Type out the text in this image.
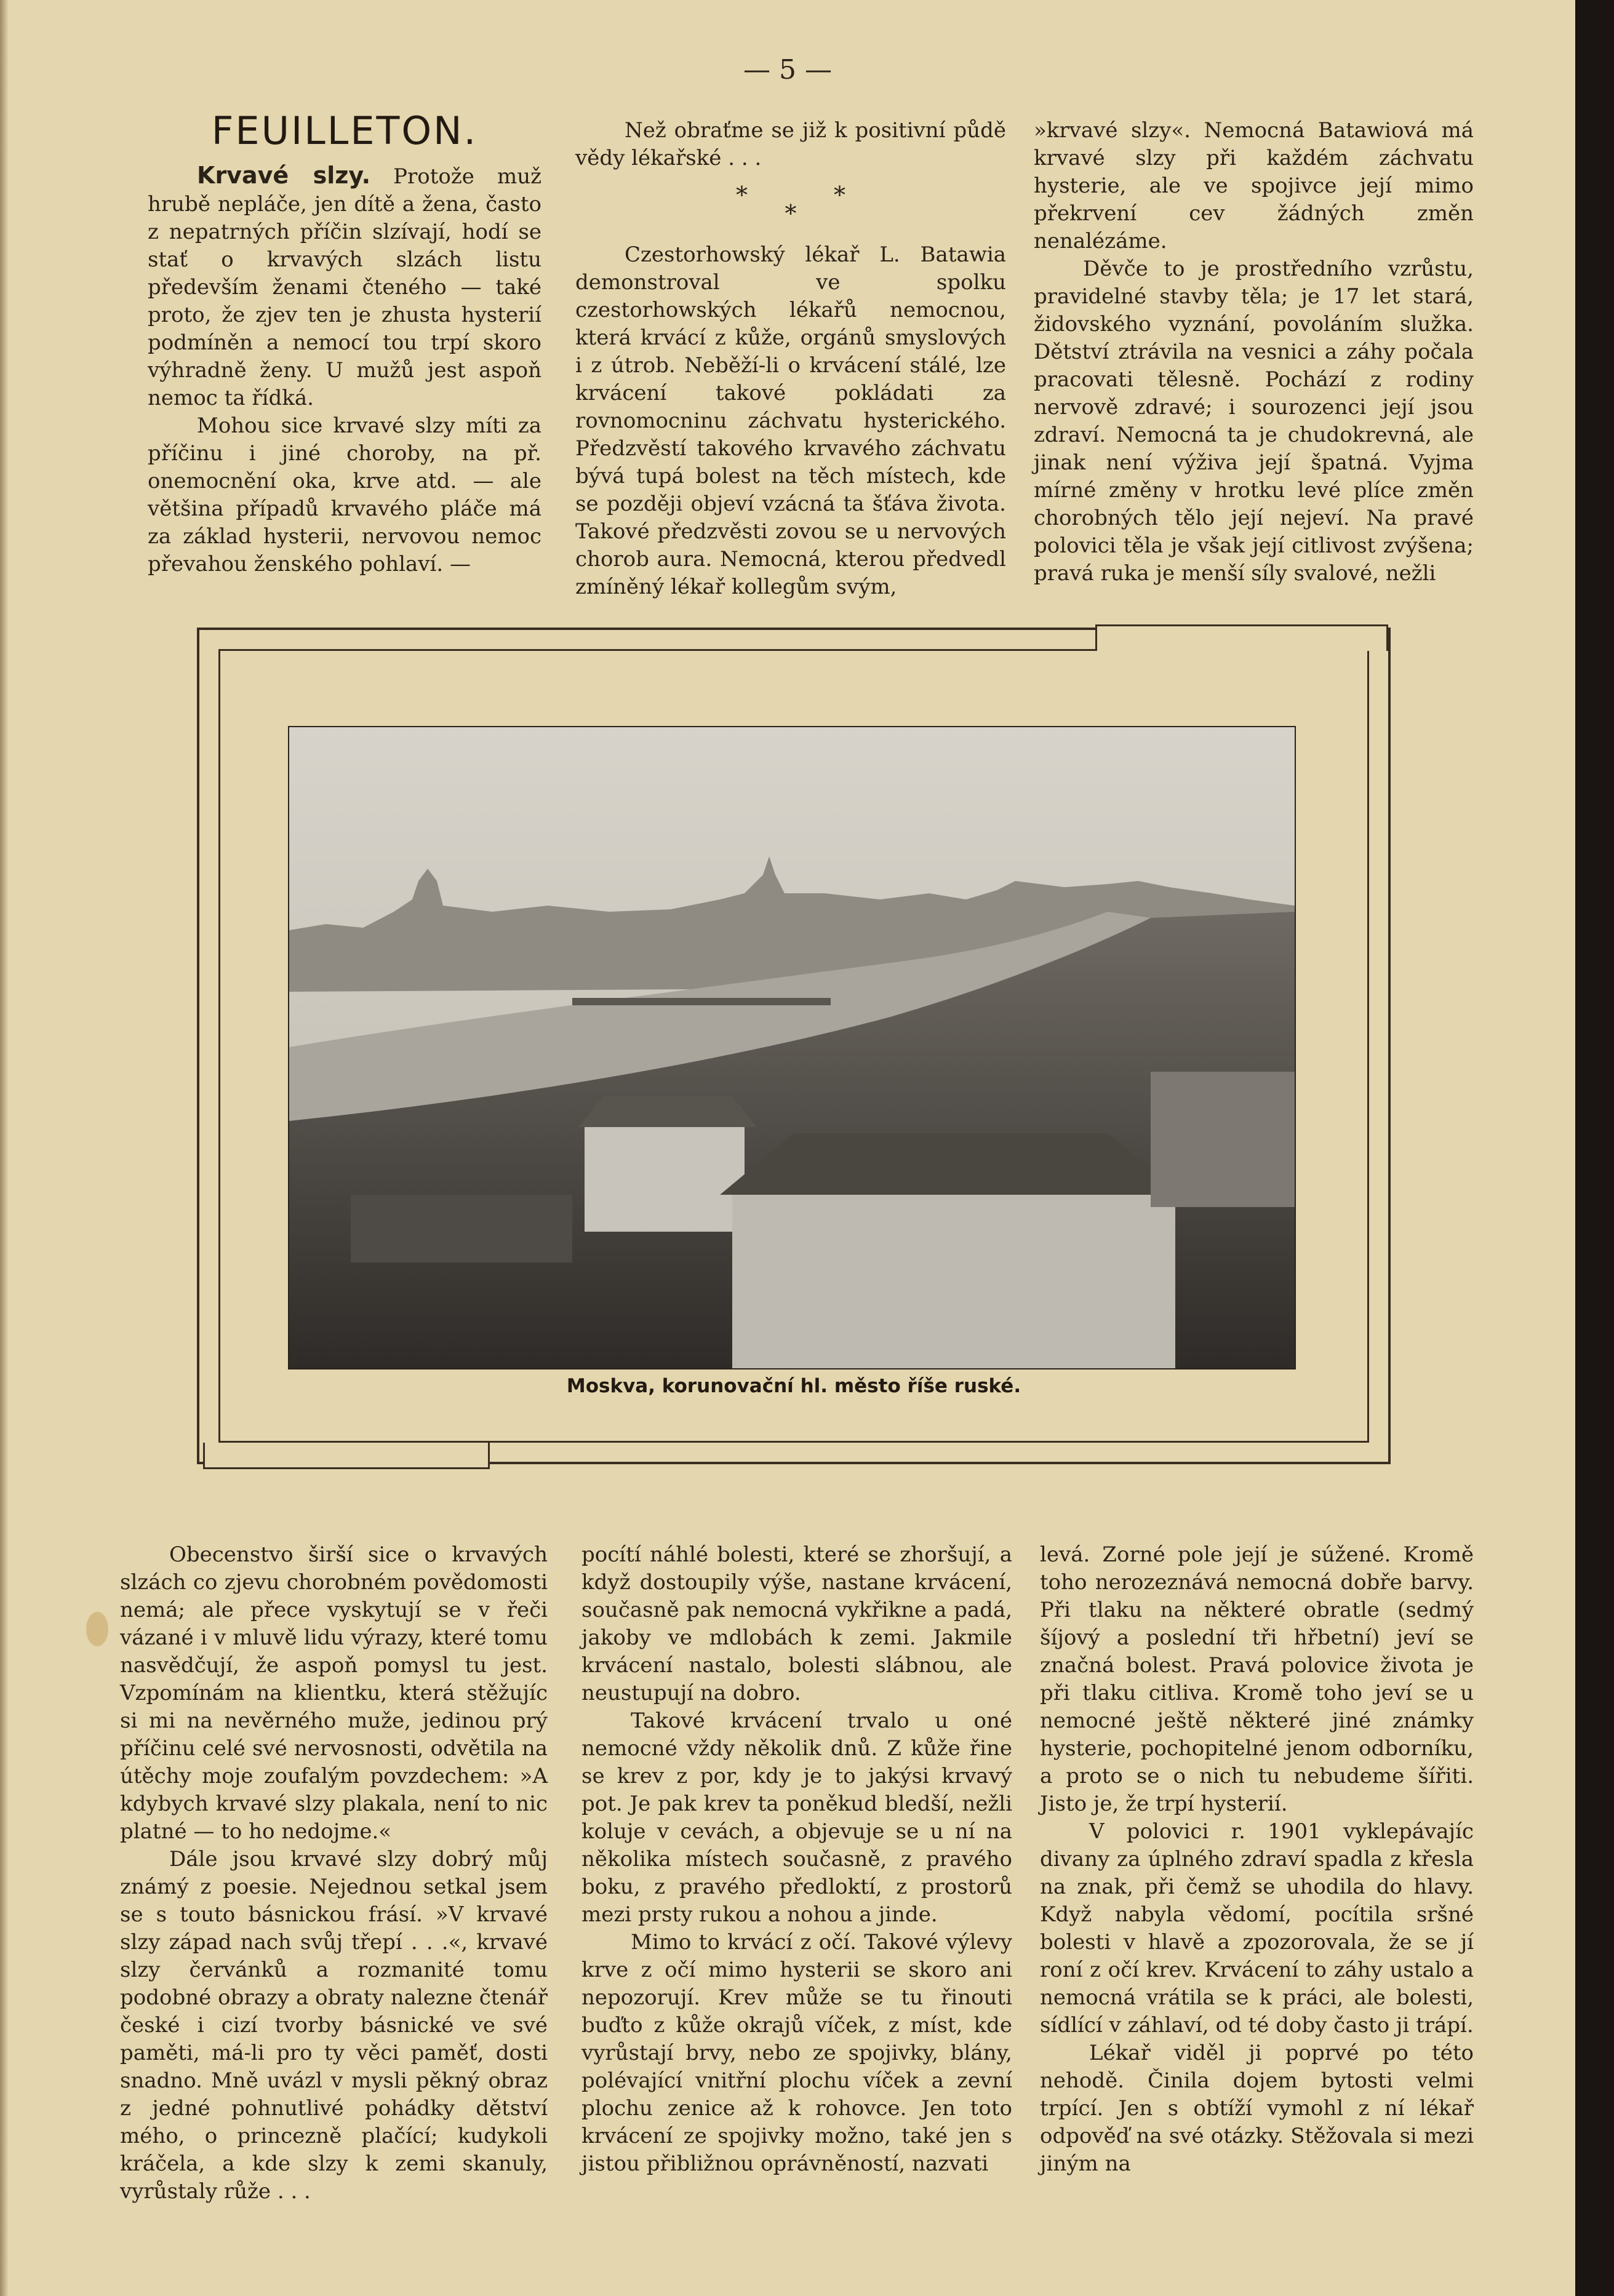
— 5 —
FEUILLETON.

Krvavé slzy. Protože muž hrubě nepláče, jen dítě a žena, často z nepatrných příčin slzívají, hodí se stať o krvavých slzách listu především ženami čteného — také proto, že zjev ten je zhusta hysterií podmíněn a nemocí tou trpí skoro výhradně ženy. U mužů jest aspoň nemoc ta řídká.

Mohou sice krvavé slzy míti za příčinu i jiné choroby, na př. onemocnění oka, krve atd. — ale většina případů krvavého pláče má za základ hysterii, nervovou nemoc převahou ženského pohlaví. —

Než obraťme se již k positivní půdě vědy lékařské . . .

*	*
*

Czestorhowský lékař L. Batawia demonstroval ve spolku czestorhowských lékařů nemocnou, která krvácí z kůže, orgánů smyslových i z útrob. Neběží-li o krvácení stálé, lze krvácení takové pokládati za rovnomocninu záchvatu hysterického. Předzvěstí takového krvavého záchvatu bývá tupá bolest na těch místech, kde se později objeví vzácná ta šťáva života. Takové předzvěsti zovou se u nervových chorob aura. Nemocná, kterou předvedl zmíněný lékař kollegům svým,

»krvavé slzy«. Nemocná Batawiová má krvavé slzy při každém záchvatu hysterie, ale ve spojivce její mimo překrvení cev žádných změn nenalézáme.

Děvče to je prostředního vzrůstu, pravidelné stavby těla; je 17 let stará, židovského vyznání, povoláním služka. Dětství ztrávila na vesnici a záhy počala pracovati tělesně. Pochází z rodiny nervově zdravé; i sourozenci její jsou zdraví. Nemocná ta je chudokrevná, ale jinak není výživa její špatná. Vyjma mírné změny v hrotku levé plíce změn chorobných tělo její nejeví. Na pravé polovici těla je však její citlivost zvýšena; pravá ruka je menší síly svalové, nežli

Moskva, korunovační hl. město říše ruské.

Obecenstvo širší sice o krvavých slzách co zjevu chorobném povědomosti nemá; ale přece vyskytují se v řeči vázané i v mluvě lidu výrazy, které tomu nasvědčují, že aspoň pomysl tu jest. Vzpomínám na klientku, která stěžujíc si mi na nevěrného muže, jedinou prý příčinu celé své nervosnosti, odvětila na útěchy moje zoufalým povzdechem: »A kdybych krvavé slzy plakala, není to nic platné — to ho nedojme.«

Dále jsou krvavé slzy dobrý můj známý z poesie. Nejednou setkal jsem se s touto básnickou frásí. »V krvavé slzy západ nach svůj třepí . . .«, krvavé slzy červánků a rozmanité tomu podobné obrazy a obraty nalezne čtenář české i cizí tvorby básnické ve své paměti, má-li pro ty věci paměť, dosti snadno. Mně uvázl v mysli pěkný obraz z jedné pohnutlivé pohádky dětství mého, o princezně plačící; kudykoli kráčela, a kde slzy k zemi skanuly, vyrůstaly růže . . .

pocítí náhlé bolesti, které se zhoršují, a když dostoupily výše, nastane krvácení, současně pak nemocná vykřikne a padá, jakoby ve mdlobách k zemi. Jakmile krvácení nastalo, bolesti slábnou, ale neustupují na dobro.

Takové krvácení trvalo u oné nemocné vždy několik dnů. Z kůže řine se krev z por, kdy je to jakýsi krvavý pot. Je pak krev ta poněkud bledší, nežli koluje v cevách, a objevuje se u ní na několika místech současně, z pravého boku, z pravého předloktí, z prostorů mezi prsty rukou a nohou a jinde.

Mimo to krvácí z očí. Takové výlevy krve z očí mimo hysterii se skoro ani nepozorují. Krev může se tu řinouti buďto z kůže okrajů víček, z míst, kde vyrůstají brvy, nebo ze spojivky, blány, polévající vnitřní plochu víček a zevní plochu zenice až k rohovce. Jen toto krvácení ze spojivky možno, také jen s jistou přibližnou oprávněností, nazvati

levá. Zorné pole její je súžené. Kromě toho nerozeznává nemocná dobře barvy. Při tlaku na některé obratle (sedmý šíjový a poslední tři hřbetní) jeví se značná bolest. Pravá polovice života je při tlaku citliva. Kromě toho jeví se u nemocné ještě některé jiné známky hysterie, pochopitelné jenom odborníku, a proto se o nich tu nebudeme šířiti. Jisto je, že trpí hysterií.

V polovici r. 1901 vyklepávajíc divany za úplného zdraví spadla z křesla na znak, při čemž se uhodila do hlavy. Když nabyla vědomí, pocítila sršné bolesti v hlavě a zpozorovala, že se jí roní z očí krev. Krvácení to záhy ustalo a nemocná vrátila se k práci, ale bolesti, sídlící v záhlaví, od té doby často ji trápí.

Lékař viděl ji poprvé po této nehodě. Činila dojem bytosti velmi trpící. Jen s obtíží vymohl z ní lékař odpověď na své otázky. Stěžovala si mezi jiným na
